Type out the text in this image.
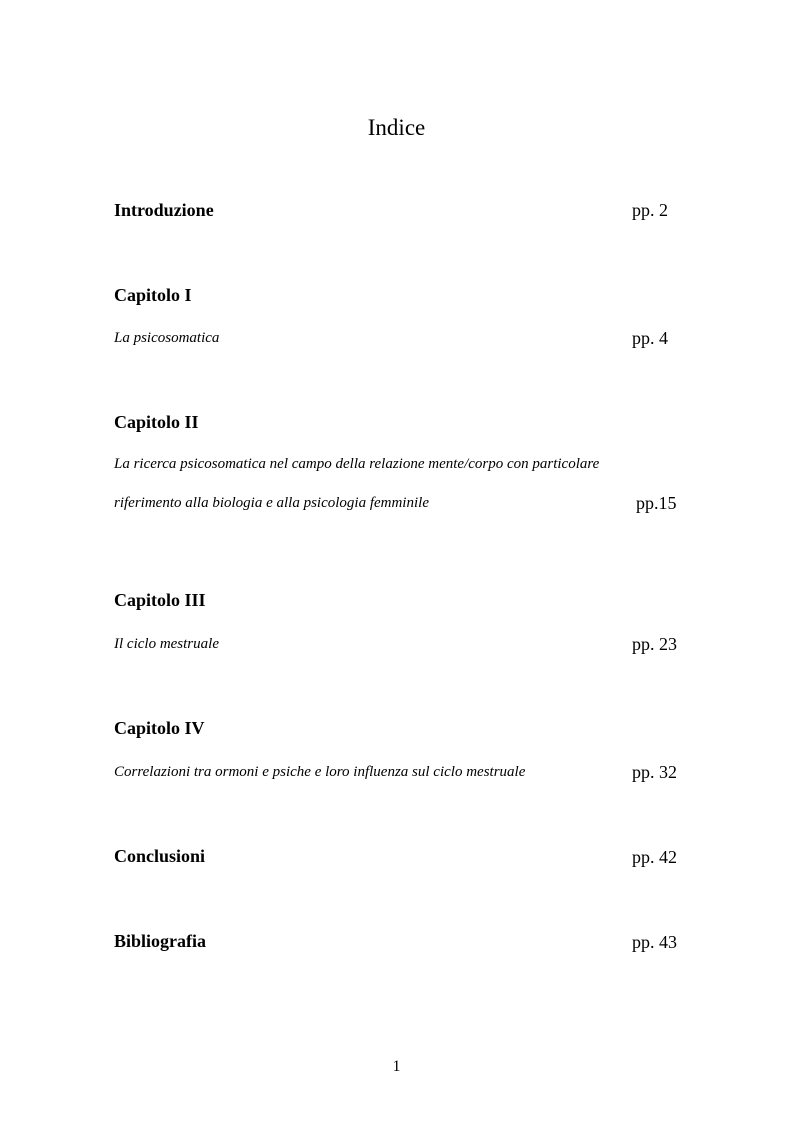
Indice
Introduzione	pp. 2
Capitolo I
La psicosomatica	pp. 4
Capitolo II
La ricerca psicosomatica nel campo della relazione mente/corpo con particolare
riferimento alla biologia e alla psicologia femminile	pp.15
Capitolo III
Il ciclo mestruale	pp. 23
Capitolo IV
Correlazioni tra ormoni e psiche e loro influenza sul ciclo mestruale	pp. 32
Conclusioni	pp. 42
Bibliografia	pp. 43
1
